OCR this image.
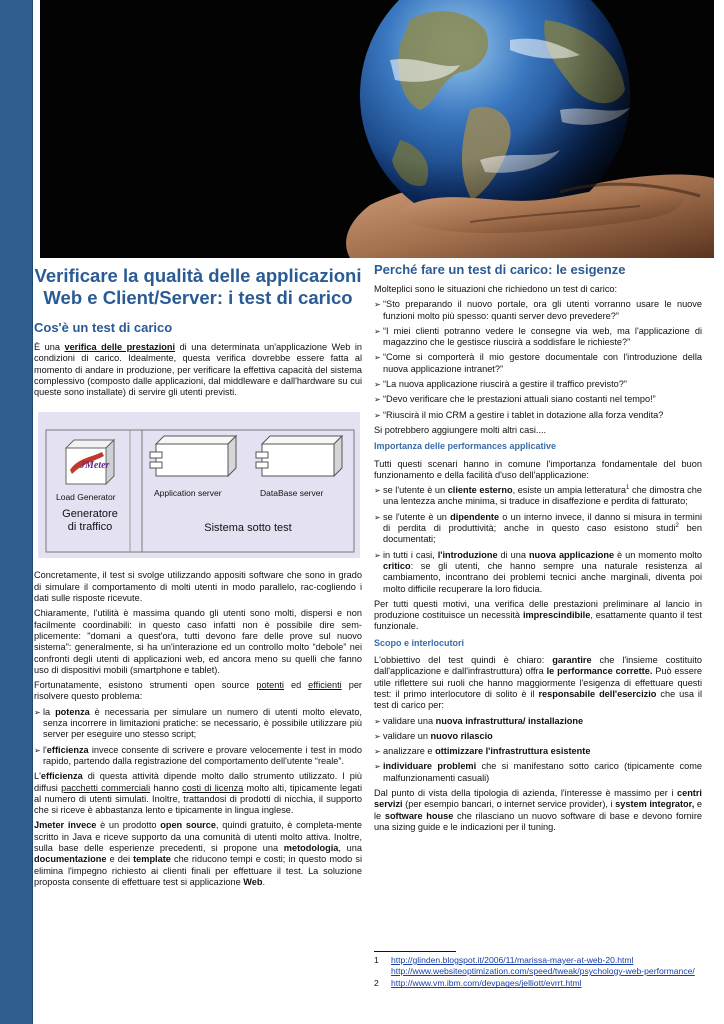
Verificare la qualità delle applicazioni Web e Client/Server: i test di carico
Cos'è un test di carico

È una verifica delle prestazioni di una determinata un'applicazione Web in condizioni di carico. Idealmente, questa verifica dovrebbe essere fatta al momento di andare in produzione, per verificare la effettiva capacità del sistema complessivo (composto dalle applicazioni, dal middleware e dall'hardware su cui queste sono installate) di servire gli utenti previsti.

JMeter
Load Generator
Generatore
di traffico
Application server	DataBase server
Sistema sotto test

Concretamente, il test si svolge utilizzando appositi software che sono in grado di simulare il comportamento di molti utenti in modo parallelo, rac-cogliendo i dati sulle risposte ricevute.

Chiaramente, l'utilità è massima quando gli utenti sono molti, dispersi e non facilmente coordinabili: in questo caso infatti non è possibile dire sem-plicemente: "domani a quest'ora, tutti devono fare delle prove sul nuovo sistema": generalmente, si ha un'interazione ed un controllo molto “debole” nei confronti degli utenti di applicazioni web, ed ancora meno su quelli che fanno uso di dispositivi mobili (smartphone e tablet).

Fortunatamente, esistono strumenti open source potenti ed efficienti per risolvere questo problema:

➢ la potenza è necessaria per simulare un numero di utenti molto elevato, senza incorrere in limitazioni pratiche: se necessario, è possibile utilizzare più server per eseguire uno stesso script;
➢ l'efficienza invece consente di scrivere e provare velocemente i test in modo rapido, partendo dalla registrazione del comportamento dell'utente “reale”.

L'efficienza di questa attività dipende molto dallo strumento utilizzato. I più diffusi pacchetti commerciali hanno costi di licenza molto alti, tipicamente legati al numero di utenti simulati. Inoltre, trattandosi di prodotti di nicchia, il supporto che si riceve è abbastanza lento e tipicamente in lingua inglese.

Jmeter invece è un prodotto open source, quindi gratuito, è completa-mente scritto in Java e riceve supporto da una comunità di utenti molto attiva. Inoltre, sulla base delle esperienze precedenti, si propone una metodologia, una documentazione e dei template che riducono tempi e costi; in questo modo si elimina l'impegno richiesto ai clienti finali per effettuare il test. La soluzione proposta consente di effettuare test si applicazione Web.

Perché fare un test di carico: le esigenze

Molteplici sono le situazioni che richiedono un test di carico:

➢ “Sto preparando il nuovo portale, ora gli utenti vorranno usare le nuove funzioni molto più spesso: quanti server devo prevedere?”
➢ “I miei clienti potranno vedere le consegne via web, ma l'applicazione di magazzino che le gestisce riuscirà a soddisfare le richieste?”
➢ “Come si comporterà il mio gestore documentale con l'introduzione della nuova applicazione intranet?”
➢ “La nuova applicazione riuscirà a gestire il traffico previsto?”
➢ “Devo verificare che le prestazioni attuali siano costanti nel tempo!”
➢ “Riuscirà il mio CRM a gestire i tablet in dotazione alla forza vendita?

Si potrebbero aggiungere molti altri casi....

Importanza delle performances applicative

Tutti questi scenari hanno in comune l'importanza fondamentale del buon funzionamento e della facilità d'uso dell'applicazione:

➢ se l'utente è un cliente esterno, esiste un ampia letteratura$^1$ che dimostra che una lentezza anche minima, si traduce in disaffezione e perdita di fatturato;
➢ se l'utente è un dipendente o un interno invece, il danno si misura in termini di perdita di produttività; anche in questo caso esistono studi$^2$ ben documentati;
➢ in tutti i casi, l'introduzione di una nuova applicazione è un momento molto critico: se gli utenti, che hanno sempre una naturale resistenza al cambiamento, incontrano dei problemi tecnici anche marginali, diventa poi molto difficile recuperare la loro fiducia.

Per tutti questi motivi, una verifica delle prestazioni preliminare al lancio in produzione costituisce un necessità imprescindibile, esattamente quanto il test funzionale.

Scopo e interlocutori

L'obbiettivo del test quindi è chiaro: garantire che l'insieme costituito dall'applicazione e dall'infrastruttura) offra le performance corrette. Può essere utile riflettere sui ruoli che hanno maggiormente l'esigenza di effettuare questi test: il primo interlocutore di solito è il responsabile dell'esercizio che usa il test di carico per:

➢ validare una nuova infrastruttura/ installazione
➢ validare un nuovo rilascio
➢ analizzare e ottimizzare l'infrastruttura esistente
➢ individuare problemi che si manifestano sotto carico (tipicamente come malfunzionamenti casuali)

Dal punto di vista della tipologia di azienda, l'interesse è massimo per i centri servizi (per esempio bancari, o internet service provider), i system integrator, e le software house che rilasciano un nuovo software di base e devono fornire una sizing guide e le indicazioni per il tuning.

1 http://glinden.blogspot.it/2006/11/marissa-mayer-at-web-20.html
http://www.websiteoptimization.com/speed/tweak/psychology-web-performance/
2 http://www.vm.ibm.com/devpages/jelliott/evrrt.html
